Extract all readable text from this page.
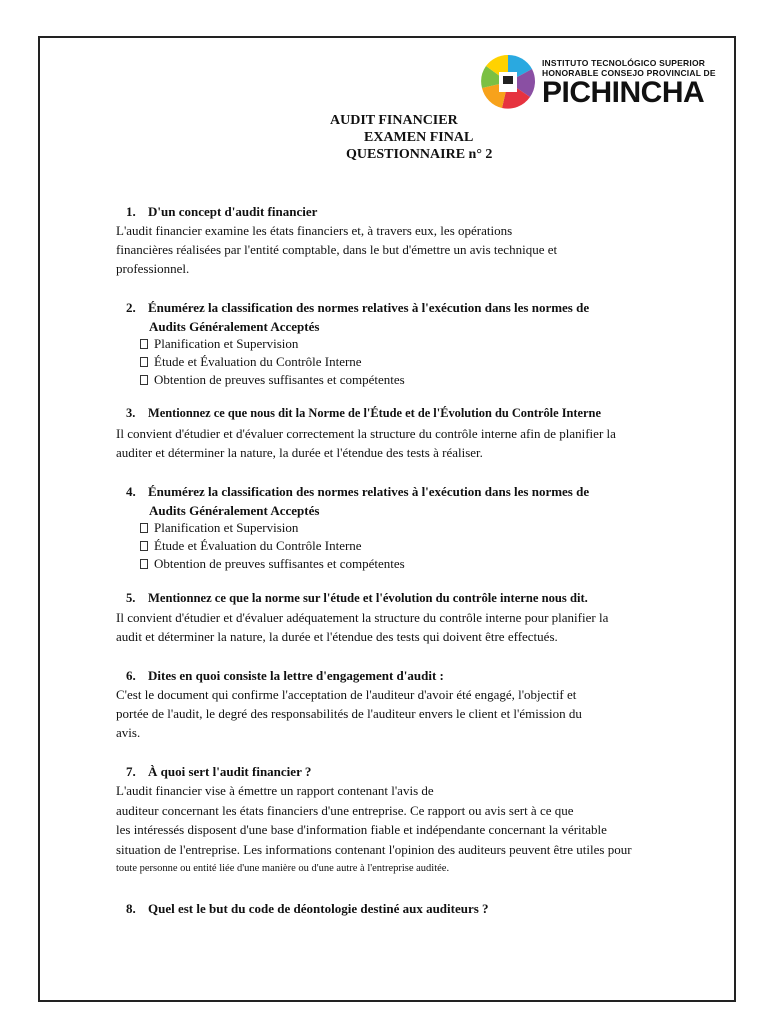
INSTITUTO TECNOLÓGICO SUPERIOR
HONORABLE CONSEJO PROVINCIAL DE
PICHINCHA
AUDIT FINANCIER
EXAMEN FINAL
QUESTIONNAIRE n° 2
1. D'un concept d'audit financier
L'audit financier examine les états financiers et, à travers eux, les opérations
financières réalisées par l'entité comptable, dans le but d'émettre un avis technique et
professionnel.
2. Énumérez la classification des normes relatives à l'exécution dans les normes de
Audits Généralement Acceptés
Planification et Supervision
Étude et Évaluation du Contrôle Interne
Obtention de preuves suffisantes et compétentes
3. Mentionnez ce que nous dit la Norme de l'Étude et de l'Évolution du Contrôle Interne
Il convient d'étudier et d'évaluer correctement la structure du contrôle interne afin de planifier la
auditer et déterminer la nature, la durée et l'étendue des tests à réaliser.
4. Énumérez la classification des normes relatives à l'exécution dans les normes de
Audits Généralement Acceptés
Planification et Supervision
Étude et Évaluation du Contrôle Interne
Obtention de preuves suffisantes et compétentes
5. Mentionnez ce que la norme sur l'étude et l'évolution du contrôle interne nous dit.
Il convient d'étudier et d'évaluer adéquatement la structure du contrôle interne pour planifier la
audit et déterminer la nature, la durée et l'étendue des tests qui doivent être effectués.
6. Dites en quoi consiste la lettre d'engagement d'audit :
C'est le document qui confirme l'acceptation de l'auditeur d'avoir été engagé, l'objectif et
portée de l'audit, le degré des responsabilités de l'auditeur envers le client et l'émission du
avis.
7. À quoi sert l'audit financier ?
L'audit financier vise à émettre un rapport contenant l'avis de
auditeur concernant les états financiers d'une entreprise. Ce rapport ou avis sert à ce que
les intéressés disposent d'une base d'information fiable et indépendante concernant la véritable
situation de l'entreprise. Les informations contenant l'opinion des auditeurs peuvent être utiles pour
toute personne ou entité liée d'une manière ou d'une autre à l'entreprise auditée.
8. Quel est le but du code de déontologie destiné aux auditeurs ?
